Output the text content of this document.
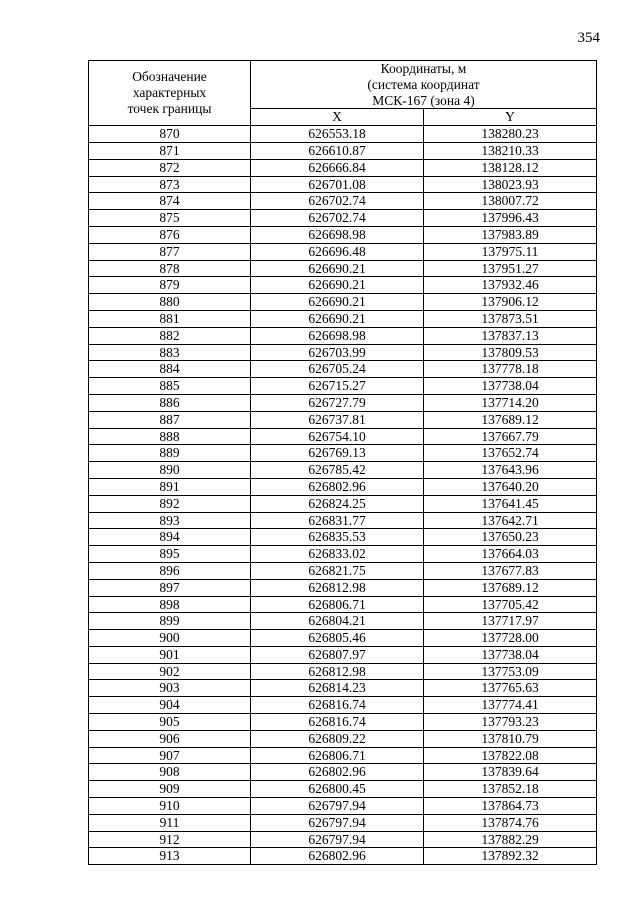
354
Обозначение
характерных
точек границы	Координаты, м
(система координат
МСК-167 (зона 4)	

	X	Y
870	626553.18	138280.23
871	626610.87	138210.33
872	626666.84	138128.12
873	626701.08	138023.93
874	626702.74	138007.72
875	626702.74	137996.43
876	626698.98	137983.89
877	626696.48	137975.11
878	626690.21	137951.27
879	626690.21	137932.46
880	626690.21	137906.12
881	626690.21	137873.51
882	626698.98	137837.13
883	626703.99	137809.53
884	626705.24	137778.18
885	626715.27	137738.04
886	626727.79	137714.20
887	626737.81	137689.12
888	626754.10	137667.79
889	626769.13	137652.74
890	626785.42	137643.96
891	626802.96	137640.20
892	626824.25	137641.45
893	626831.77	137642.71
894	626835.53	137650.23
895	626833.02	137664.03
896	626821.75	137677.83
897	626812.98	137689.12
898	626806.71	137705.42
899	626804.21	137717.97
900	626805.46	137728.00
901	626807.97	137738.04
902	626812.98	137753.09
903	626814.23	137765.63
904	626816.74	137774.41
905	626816.74	137793.23
906	626809.22	137810.79
907	626806.71	137822.08
908	626802.96	137839.64
909	626800.45	137852.18
910	626797.94	137864.73
911	626797.94	137874.76
912	626797.94	137882.29
913	626802.96	137892.32
